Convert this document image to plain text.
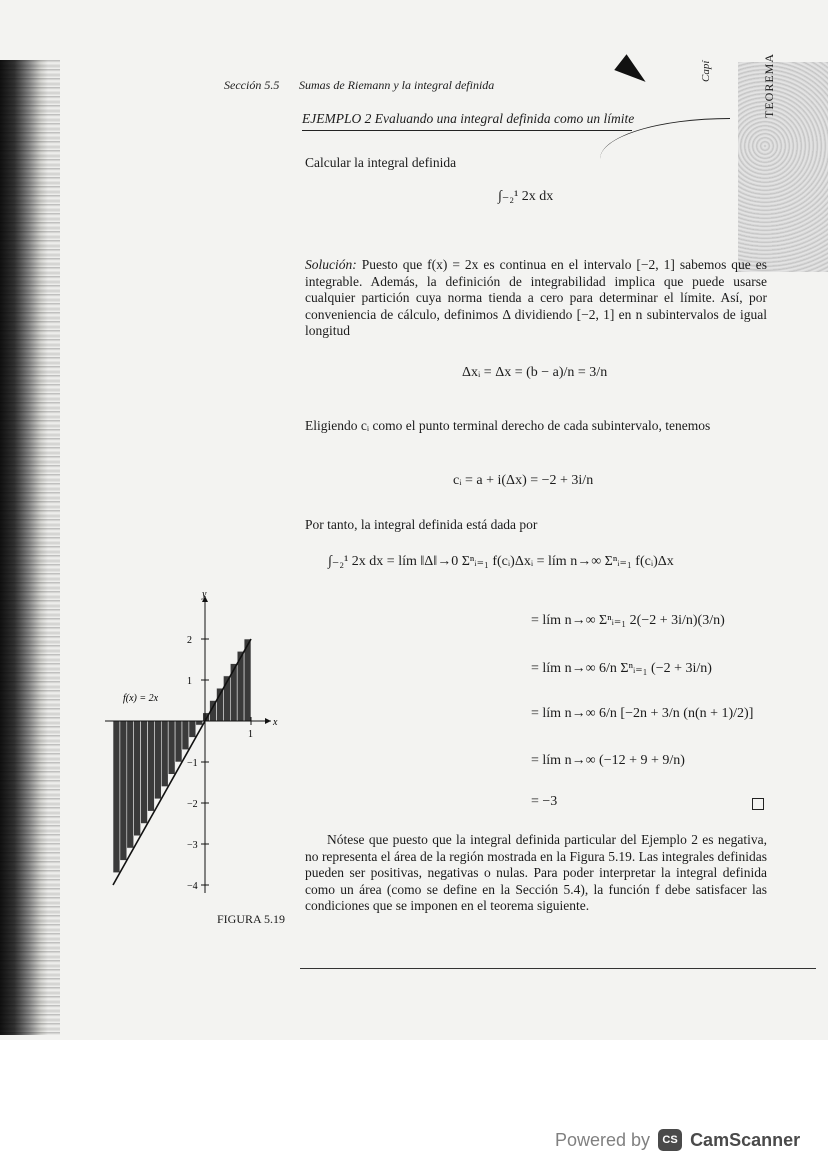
Sección 5.5 Sumas de Riemann y la integral definida
Capí	TEOREMA
EJEMPLO 2 Evaluando una integral definida como un límite
Calcular la integral definida
∫₋₂¹ 2x dx
Solución: Puesto que f(x) = 2x es continua en el intervalo [−2, 1] sabemos que es integrable. Además, la definición de integrabilidad implica que puede usarse cualquier partición cuya norma tienda a cero para determinar el límite. Así, por conveniencia de cálculo, definimos Δ dividiendo [−2, 1] en n subintervalos de igual longitud
Δxᵢ = Δx = (b − a)/n = 3/n
Eligiendo cᵢ como el punto terminal derecho de cada subintervalo, tenemos
cᵢ = a + i(Δx) = −2 + 3i/n
Por tanto, la integral definida está dada por
∫₋₂¹ 2x dx = lím ‖Δ‖→0 Σⁿᵢ₌₁ f(cᵢ)Δxᵢ = lím n→∞ Σⁿᵢ₌₁ f(cᵢ)Δx
= lím n→∞ Σⁿᵢ₌₁ 2(−2 + 3i/n)(3/n)
= lím n→∞ 6/n Σⁿᵢ₌₁ (−2 + 3i/n)
= lím n→∞ 6/n [−2n + 3/n (n(n + 1)/2)]
= lím n→∞ (−12 + 9 + 9/n)
= −3
2
1
−1
−2
−3
−4
1
y
x
f(x) = 2x
FIGURA 5.19
Nótese que puesto que la integral definida particular del Ejemplo 2 es negativa, no representa el área de la región mostrada en la Figura 5.19. Las integrales definidas pueden ser positivas, negativas o nulas. Para poder interpretar la integral definida como un área (como se define en la Sección 5.4), la función f debe satisfacer las condiciones que se imponen en el teorema siguiente.
Powered by	CS CamScanner
